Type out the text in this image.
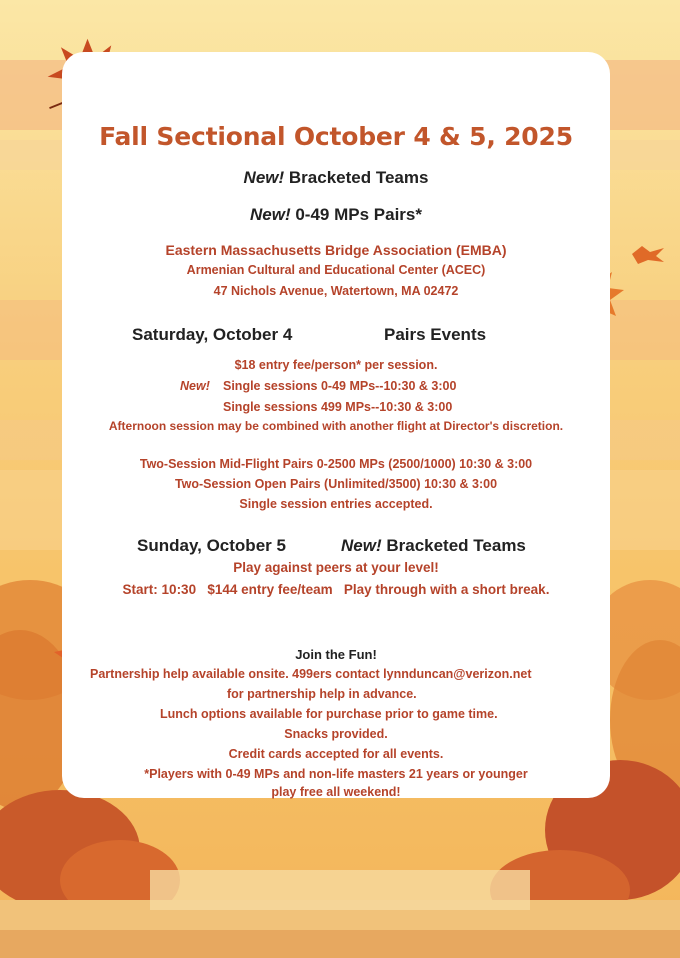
Fall Sectional October 4 & 5, 2025
New! Bracketed Teams
New! 0-49 MPs Pairs*
Eastern Massachusetts Bridge Association (EMBA)
Armenian Cultural and Educational Center (ACEC)
47 Nichols Avenue, Watertown, MA 02472
Saturday, October 4	Pairs Events
$18 entry fee/person* per session.
New! Single sessions 0-49 MPs--10:30 & 3:00
Single sessions 499 MPs--10:30 & 3:00
Afternoon session may be combined with another flight at Director's discretion.
Two-Session Mid-Flight Pairs 0-2500 MPs (2500/1000) 10:30 & 3:00
Two-Session Open Pairs (Unlimited/3500) 10:30 & 3:00
Single session entries accepted.
Sunday, October 5	New! Bracketed Teams
Play against peers at your level!
Start: 10:30   $144 entry fee/team   Play through with a short break.
Join the Fun!
Partnership help available onsite. 499ers contact lynnduncan@verizon.net
for partnership help in advance.
Lunch options available for purchase prior to game time.
Snacks provided.
Credit cards accepted for all events.
*Players with 0-49 MPs and non-life masters 21 years or younger
play free all weekend!
